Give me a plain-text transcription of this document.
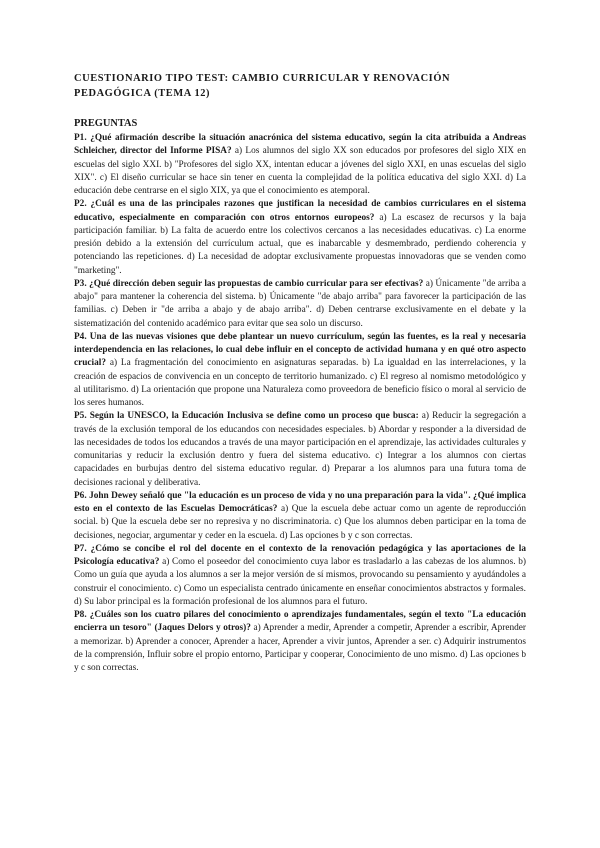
CUESTIONARIO TIPO TEST: CAMBIO CURRICULAR Y RENOVACIÓN PEDAGÓGICA (TEMA 12)
PREGUNTAS

P1. ¿Qué afirmación describe la situación anacrónica del sistema educativo, según la cita atribuida a Andreas Schleicher, director del Informe PISA? a) Los alumnos del siglo XX son educados por profesores del siglo XIX en escuelas del siglo XXI. b) "Profesores del siglo XX, intentan educar a jóvenes del siglo XXI, en unas escuelas del siglo XIX". c) El diseño curricular se hace sin tener en cuenta la complejidad de la política educativa del siglo XXI. d) La educación debe centrarse en el siglo XIX, ya que el conocimiento es atemporal.

P2. ¿Cuál es una de las principales razones que justifican la necesidad de cambios curriculares en el sistema educativo, especialmente en comparación con otros entornos europeos? a) La escasez de recursos y la baja participación familiar. b) La falta de acuerdo entre los colectivos cercanos a las necesidades educativas. c) La enorme presión debido a la extensión del currículum actual, que es inabarcable y desmembrado, perdiendo coherencia y potenciando las repeticiones. d) La necesidad de adoptar exclusivamente propuestas innovadoras que se venden como "marketing".

P3. ¿Qué dirección deben seguir las propuestas de cambio curricular para ser efectivas? a) Únicamente "de arriba a abajo" para mantener la coherencia del sistema. b) Únicamente "de abajo arriba" para favorecer la participación de las familias. c) Deben ir "de arriba a abajo y de abajo arriba". d) Deben centrarse exclusivamente en el debate y la sistematización del contenido académico para evitar que sea solo un discurso.

P4. Una de las nuevas visiones que debe plantear un nuevo currículum, según las fuentes, es la real y necesaria interdependencia en las relaciones, lo cual debe influir en el concepto de actividad humana y en qué otro aspecto crucial? a) La fragmentación del conocimiento en asignaturas separadas. b) La igualdad en las interrelaciones, y la creación de espacios de convivencia en un concepto de territorio humanizado. c) El regreso al nomismo metodológico y al utilitarismo. d) La orientación que propone una Naturaleza como proveedora de beneficio físico o moral al servicio de los seres humanos.

P5. Según la UNESCO, la Educación Inclusiva se define como un proceso que busca: a) Reducir la segregación a través de la exclusión temporal de los educandos con necesidades especiales. b) Abordar y responder a la diversidad de las necesidades de todos los educandos a través de una mayor participación en el aprendizaje, las actividades culturales y comunitarias y reducir la exclusión dentro y fuera del sistema educativo. c) Integrar a los alumnos con ciertas capacidades en burbujas dentro del sistema educativo regular. d) Preparar a los alumnos para una futura toma de decisiones racional y deliberativa.

P6. John Dewey señaló que "la educación es un proceso de vida y no una preparación para la vida". ¿Qué implica esto en el contexto de las Escuelas Democráticas? a) Que la escuela debe actuar como un agente de reproducción social. b) Que la escuela debe ser no represiva y no discriminatoria. c) Que los alumnos deben participar en la toma de decisiones, negociar, argumentar y ceder en la escuela. d) Las opciones b y c son correctas.

P7. ¿Cómo se concibe el rol del docente en el contexto de la renovación pedagógica y las aportaciones de la Psicología educativa? a) Como el poseedor del conocimiento cuya labor es trasladarlo a las cabezas de los alumnos. b) Como un guía que ayuda a los alumnos a ser la mejor versión de sí mismos, provocando su pensamiento y ayudándoles a construir el conocimiento. c) Como un especialista centrado únicamente en enseñar conocimientos abstractos y formales. d) Su labor principal es la formación profesional de los alumnos para el futuro.

P8. ¿Cuáles son los cuatro pilares del conocimiento o aprendizajes fundamentales, según el texto "La educación encierra un tesoro" (Jaques Delors y otros)? a) Aprender a medir, Aprender a competir, Aprender a escribir, Aprender a memorizar. b) Aprender a conocer, Aprender a hacer, Aprender a vivir juntos, Aprender a ser. c) Adquirir instrumentos de la comprensión, Influir sobre el propio entorno, Participar y cooperar, Conocimiento de uno mismo. d) Las opciones b y c son correctas.
